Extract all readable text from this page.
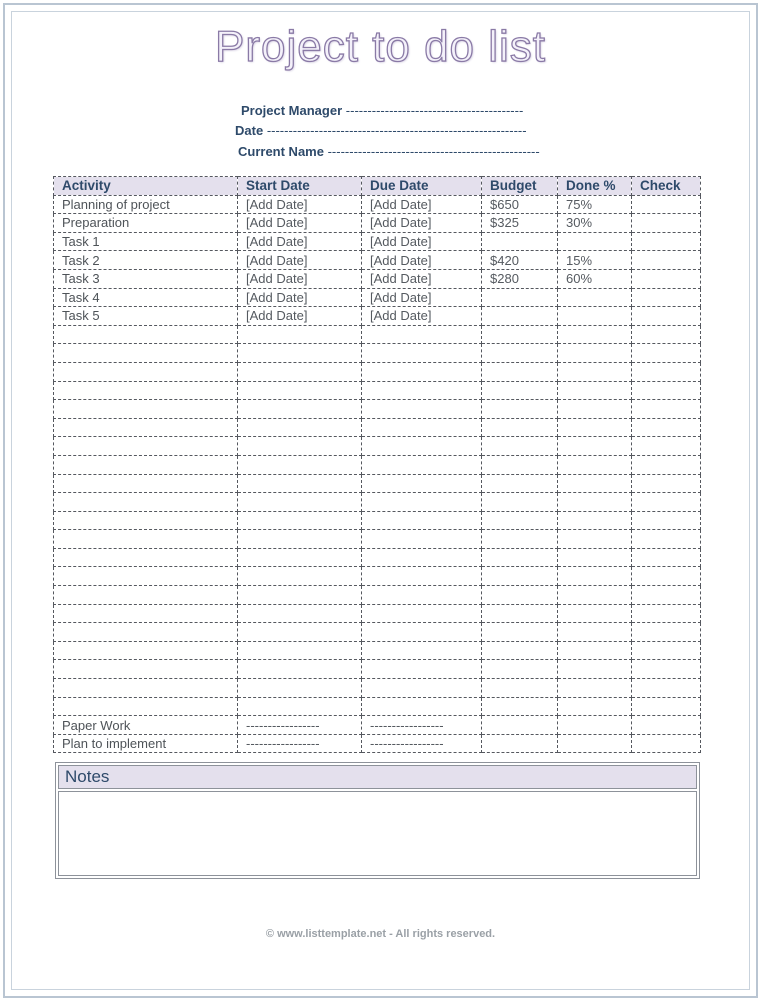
Project to do list
Project Manager -----------------------------------------
Date ------------------------------------------------------------
Current Name -------------------------------------------------
Activity	Start Date	Due Date	Budget	Done %	Check
Planning of project	[Add Date]	[Add Date]	$650	75%	
Preparation	[Add Date]	[Add Date]	$325	30%	
Task 1	[Add Date]	[Add Date]			
Task 2	[Add Date]	[Add Date]	$420	15%	
Task 3	[Add Date]	[Add Date]	$280	60%	
Task 4	[Add Date]	[Add Date]			
Task 5	[Add Date]	[Add Date]			

Paper Work	-----------------	-----------------			
Plan to implement	-----------------	-----------------			
Notes
© www.listtemplate.net - All rights reserved.
